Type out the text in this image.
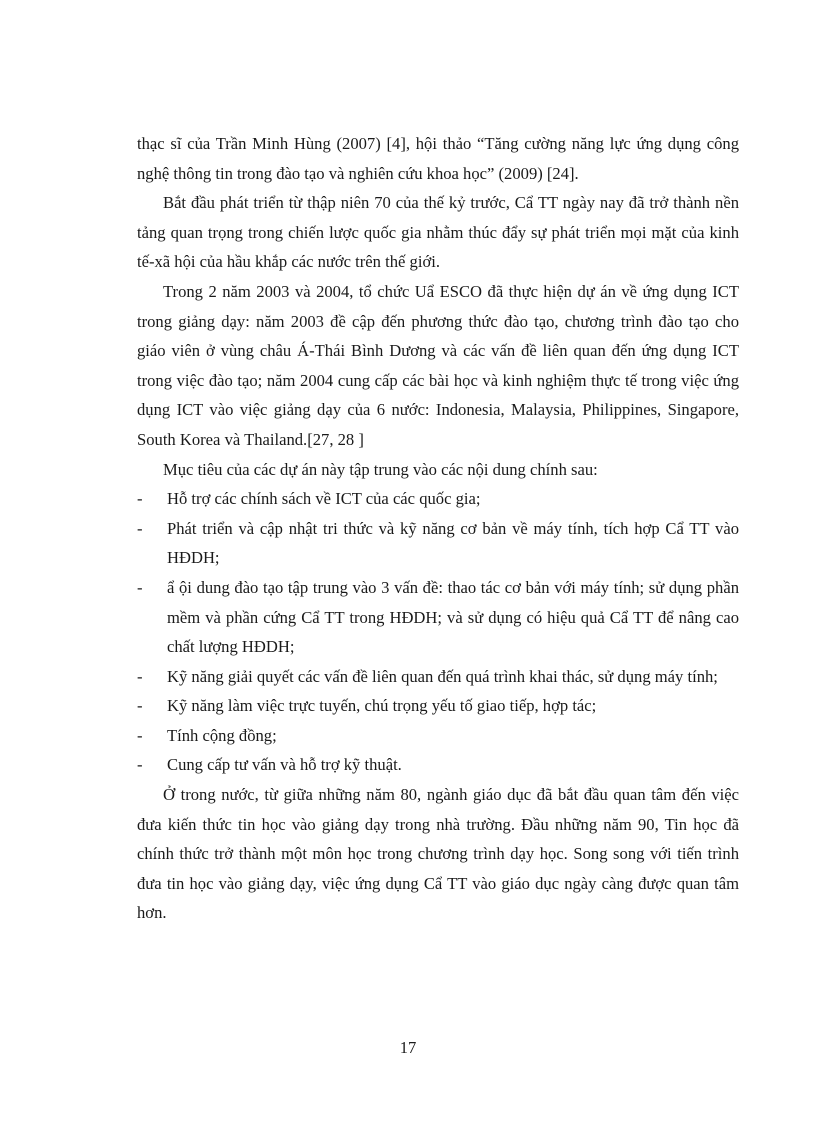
thạc sĩ của Trần Minh Hùng (2007) [4], hội thảo “Tăng cường năng lực ứng dụng công nghệ thông tin trong đào tạo và nghiên cứu khoa học” (2009) [24].

Bắt đầu phát triển từ thập niên 70 của thế kỷ trước, Cẩ TT ngày nay đã trở thành nền tảng quan trọng trong chiến lược quốc gia nhằm thúc đẩy sự phát triển mọi mặt của kinh tế-xã hội của hầu khắp các nước trên thế giới.

Trong 2 năm 2003 và 2004, tổ chức Uẩ ESCO đã thực hiện dự án về ứng dụng ICT trong giảng dạy: năm 2003 đề cập đến phương thức đào tạo, chương trình đào tạo cho giáo viên ở vùng châu Á-Thái Bình Dương và các vấn đề liên quan đến ứng dụng ICT trong việc đào tạo; năm 2004 cung cấp các bài học và kinh nghiệm thực tế trong việc ứng dụng ICT vào việc giảng dạy của 6 nước: Indonesia, Malaysia, Philippines, Singapore, South Korea và Thailand.[27, 28 ]

Mục tiêu của các dự án này tập trung vào các nội dung chính sau:

- Hỗ trợ các chính sách về ICT của các quốc gia;
- Phát triển và cập nhật tri thức và kỹ năng cơ bản về máy tính, tích hợp Cẩ TT vào HĐDH;
- ẩ ội dung đào tạo tập trung vào 3 vấn đề: thao tác cơ bản với máy tính; sử dụng phần mềm và phần cứng Cẩ TT trong HĐDH; và sử dụng có hiệu quả Cẩ TT để nâng cao chất lượng HĐDH;
- Kỹ năng giải quyết các vấn đề liên quan đến quá trình khai thác, sử dụng máy tính;
- Kỹ năng làm việc trực tuyến, chú trọng yếu tố giao tiếp, hợp tác;
- Tính cộng đồng;
- Cung cấp tư vấn và hỗ trợ kỹ thuật.

Ở trong nước, từ giữa những năm 80, ngành giáo dục đã bắt đầu quan tâm đến việc đưa kiến thức tin học vào giảng dạy trong nhà trường. Đầu những năm 90, Tin học đã chính thức trở thành một môn học trong chương trình dạy học. Song song với tiến trình đưa tin học vào giảng dạy, việc ứng dụng Cẩ TT vào giáo dục ngày càng được quan tâm hơn.

17
